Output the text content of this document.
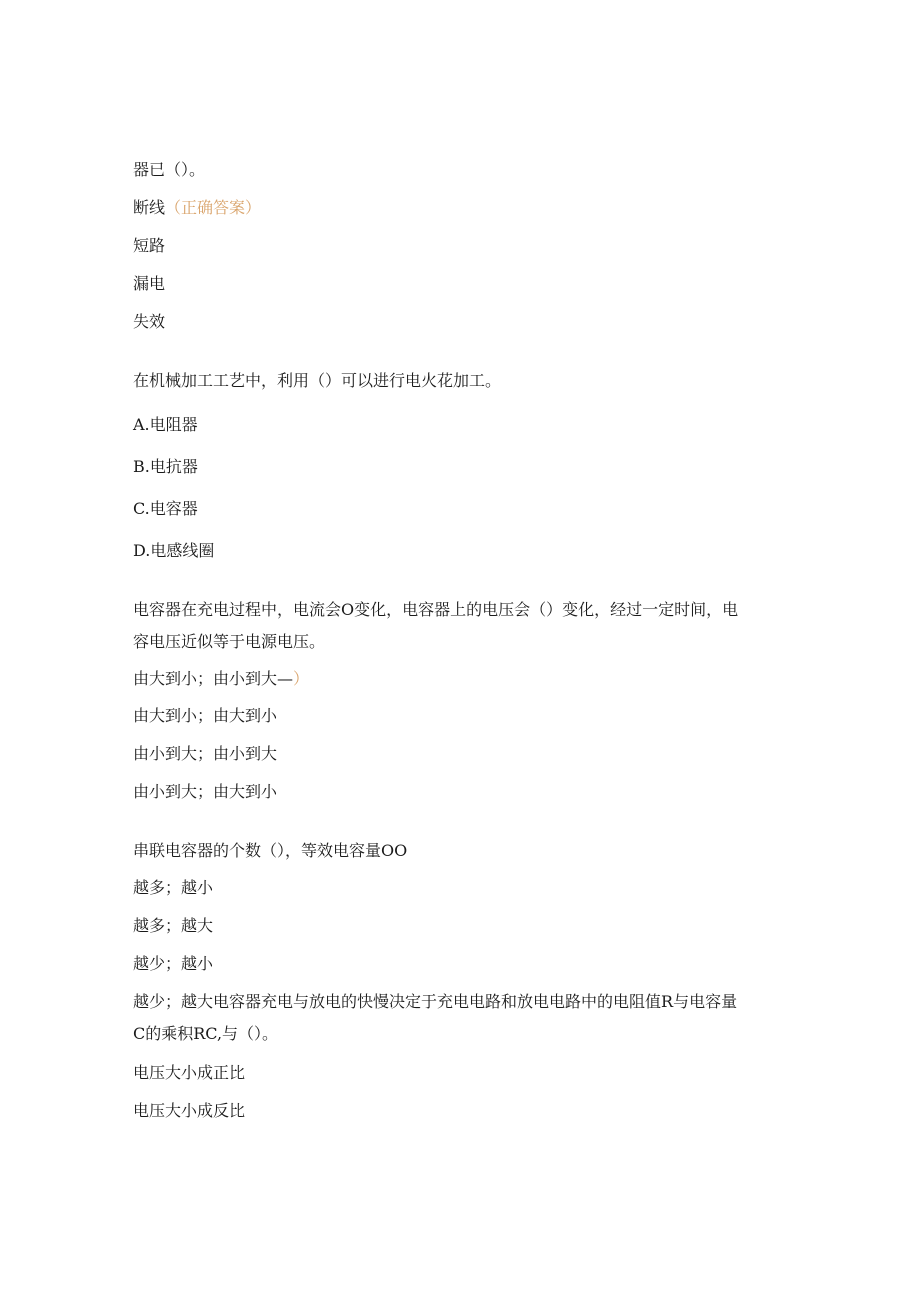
器已（）。
断线（正确答案）
短路
漏电
失效
在机械加工工艺中，利用（）可以进行电火花加工。
A.电阻器
B.电抗器
C.电容器
D.电感线圈
电容器在充电过程中，电流会O变化，电容器上的电压会（）变化，经过一定时间，电
容电压近似等于电源电压。
由大到小；由小到大—）
由大到小；由大到小
由小到大；由小到大
由小到大；由大到小
串联电容器的个数（），等效电容量OO
越多；越小
越多；越大
越少；越小
越少；越大电容器充电与放电的快慢决定于充电电路和放电电路中的电阻值R与电容量
C的乘积RC,与（）。
电压大小成正比
电压大小成反比
